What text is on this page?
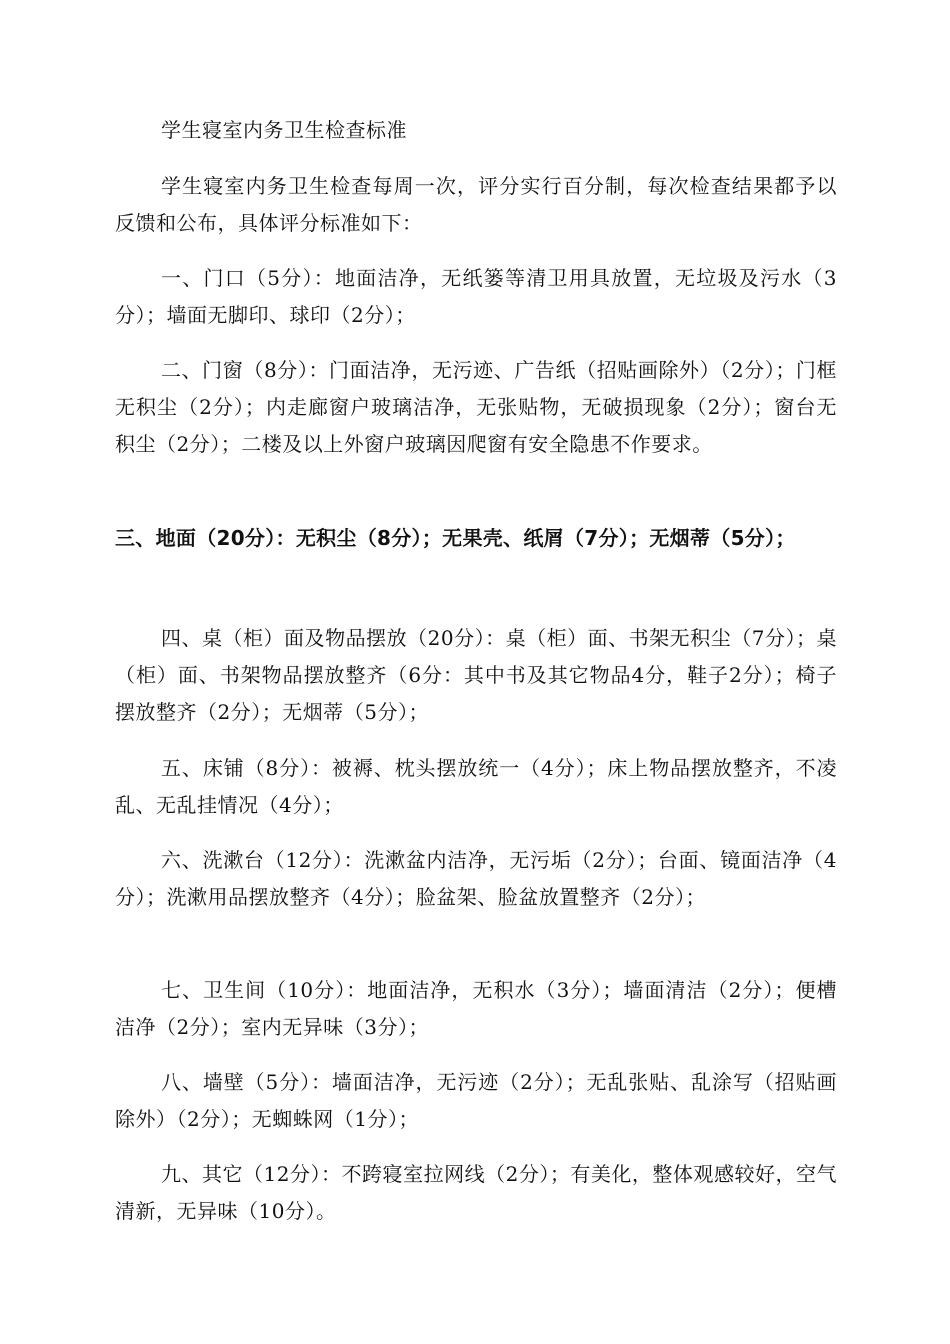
学生寝室内务卫生检查标准

学生寝室内务卫生检查每周一次，评分实行百分制，每次检查结果都予以反馈和公布，具体评分标准如下：

一、门口（5分）：地面洁净，无纸篓等清卫用具放置，无垃圾及污水（3分）；墙面无脚印、球印（2分）；

二、门窗（8分）：门面洁净，无污迹、广告纸（招贴画除外）（2分）；门框无积尘（2分）；内走廊窗户玻璃洁净，无张贴物，无破损现象（2分）；窗台无积尘（2分）；二楼及以上外窗户玻璃因爬窗有安全隐患不作要求。

三、地面（20分）：无积尘（8分）；无果壳、纸屑（7分）；无烟蒂（5分）；

四、桌（柜）面及物品摆放（20分）：桌（柜）面、书架无积尘（7分）；桌（柜）面、书架物品摆放整齐（6分：其中书及其它物品4分，鞋子2分）；椅子摆放整齐（2分）；无烟蒂（5分）；

五、床铺（8分）：被褥、枕头摆放统一（4分）；床上物品摆放整齐，不凌乱、无乱挂情况（4分）；

六、洗漱台（12分）：洗漱盆内洁净，无污垢（2分）；台面、镜面洁净（4分）；洗漱用品摆放整齐（4分）；脸盆架、脸盆放置整齐（2分）；

七、卫生间（10分）：地面洁净，无积水（3分）；墙面清洁（2分）；便槽洁净（2分）；室内无异味（3分）；

八、墙壁（5分）：墙面洁净，无污迹（2分）；无乱张贴、乱涂写（招贴画除外）（2分）；无蜘蛛网（1分）；

九、其它（12分）：不跨寝室拉网线（2分）；有美化，整体观感较好，空气清新，无异味（10分）。
